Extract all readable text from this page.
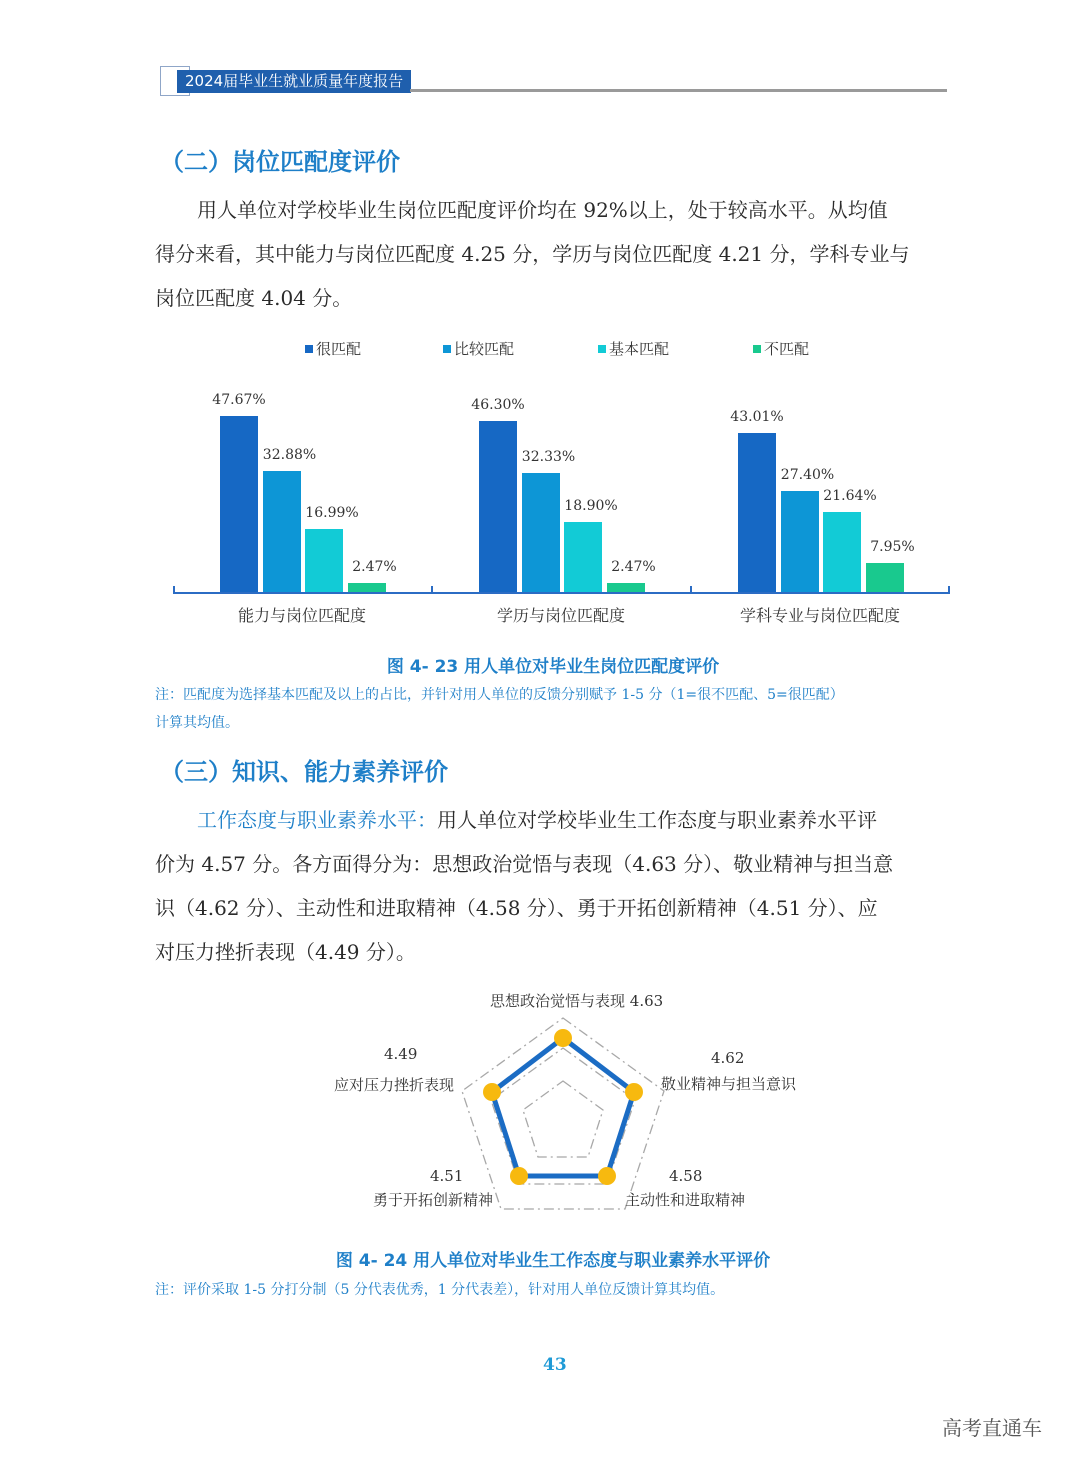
2024届毕业生就业质量年度报告
（二）岗位匹配度评价
用人单位对学校毕业生岗位匹配度评价均在 92%以上，处于较高水平。从均值
得分来看，其中能力与岗位匹配度 4.25 分，学历与岗位匹配度 4.21 分，学科专业与
岗位匹配度 4.04 分。
很匹配	比较匹配	基本匹配	不匹配
47.67%	46.30%
43.01%
32.88%	32.33%
27.40%
16.99%	18.90%
21.64%
2.47%	2.47%
7.95%
能力与岗位匹配度	学历与岗位匹配度	学科专业与岗位匹配度
图 4- 23 用人单位对毕业生岗位匹配度评价
注：匹配度为选择基本匹配及以上的占比，并针对用人单位的反馈分别赋予 1-5 分（1=很不匹配、5=很匹配）
计算其均值。
（三）知识、能力素养评价
工作态度与职业素养水平：用人单位对学校毕业生工作态度与职业素养水平评
价为 4.57 分。各方面得分为：思想政治觉悟与表现（4.63 分）、敬业精神与担当意
识（4.62 分）、主动性和进取精神（4.58 分）、勇于开拓创新精神（4.51 分）、应
对压力挫折表现（4.49 分）。
思想政治觉悟与表现 4.63
4.62
敬业精神与担当意识
4.58
主动性和进取精神
4.51
勇于开拓创新精神
4.49
应对压力挫折表现
图 4- 24 用人单位对毕业生工作态度与职业素养水平评价
注：评价采取 1-5 分打分制（5 分代表优秀，1 分代表差），针对用人单位反馈计算其均值。
43
高考直通车
